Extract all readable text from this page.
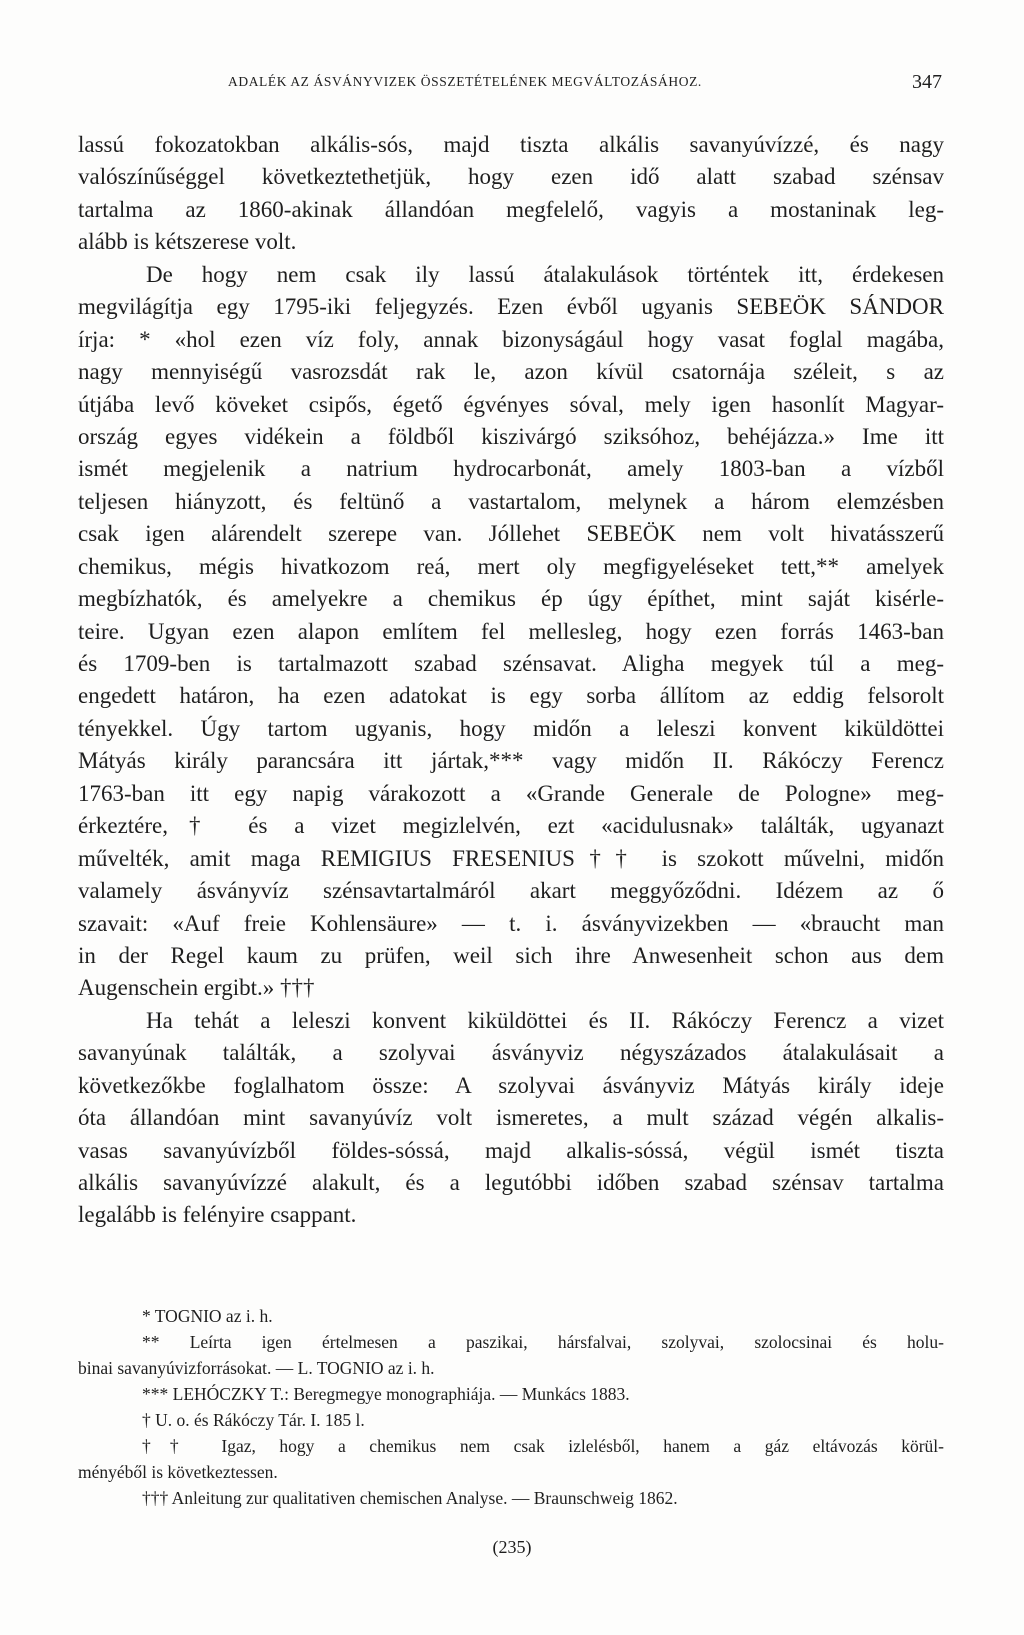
ADALÉK AZ ÁSVÁNYVIZEK ÖSSZETÉTELÉNEK MEGVÁLTOZÁSÁHOZ.	347
lassú fokozatokban alkális-sós, majd tiszta alkális savanyúvízzé, és nagy
valószínűséggel következtethetjük, hogy ezen idő alatt szabad szénsav
tartalma az 1860-akinak állandóan megfelelő, vagyis a mostaninak leg-
alább is kétszerese volt.
De hogy nem csak ily lassú átalakulások történtek itt, érdekesen
megvilágítja egy 1795-iki feljegyzés. Ezen évből ugyanis SEBEÖK SÁNDOR
írja: * «hol ezen víz foly, annak bizonyságául hogy vasat foglal magába,
nagy mennyiségű vasrozsdát rak le, azon kívül csatornája széleit, s az
útjába levő köveket csipős, égető égvényes sóval, mely igen hasonlít Magyar-
ország egyes vidékein a földből kiszivárgó sziksóhoz, behéjázza.» Ime itt
ismét megjelenik a natrium hydrocarbonát, amely 1803-ban a vízből
teljesen hiányzott, és feltünő a vastartalom, melynek a három elemzésben
csak igen alárendelt szerepe van. Jóllehet SEBEÖK nem volt hivatásszerű
chemikus, mégis hivatkozom reá, mert oly megfigyeléseket tett,** amelyek
megbízhatók, és amelyekre a chemikus ép úgy építhet, mint saját kisérle-
teire. Ugyan ezen alapon említem fel mellesleg, hogy ezen forrás 1463-ban
és 1709-ben is tartalmazott szabad szénsavat. Aligha megyek túl a meg-
engedett határon, ha ezen adatokat is egy sorba állítom az eddig felsorolt
tényekkel. Úgy tartom ugyanis, hogy midőn a leleszi konvent kiküldöttei
Mátyás király parancsára itt jártak,*** vagy midőn II. Rákóczy Ferencz
1763-ban itt egy napig várakozott a «Grande Generale de Pologne» meg-
érkeztére,† és a vizet megizlelvén, ezt «acidulusnak» találták, ugyanazt
művelték, amit maga REMIGIUS FRESENIUS†† is szokott művelni, midőn
valamely ásványvíz szénsavtartalmáról akart meggyőződni. Idézem az ő
szavait: «Auf freie Kohlensäure» — t. i. ásványvizekben — «braucht man
in der Regel kaum zu prüfen, weil sich ihre Anwesenheit schon aus dem
Augenschein ergibt.» †††
Ha tehát a leleszi konvent kiküldöttei és II. Rákóczy Ferencz a vizet
savanyúnak találták, a szolyvai ásványviz négyszázados átalakulásait a
következőkbe foglalhatom össze: A szolyvai ásványviz Mátyás király ideje
óta állandóan mint savanyúvíz volt ismeretes, a mult század végén alkalis-
vasas savanyúvízből földes-sóssá, majd alkalis-sóssá, végül ismét tiszta
alkális savanyúvízzé alakult, és a legutóbbi időben szabad szénsav tartalma
legalább is felényire csappant.
* TOGNIO az i. h.
** Leírta igen értelmesen a paszikai, hársfalvai, szolyvai, szolocsinai és holu-
binai savanyúvizforrásokat. — L. TOGNIO az i. h.
*** LEHÓCZKY T.: Beregmegye monographiája. — Munkács 1883.
† U. o. és Rákóczy Tár. I. 185 l.
†† Igaz, hogy a chemikus nem csak izlelésből, hanem a gáz eltávozás körül-
ményéből is következtessen.
††† Anleitung zur qualitativen chemischen Analyse. — Braunschweig 1862.
(235)
